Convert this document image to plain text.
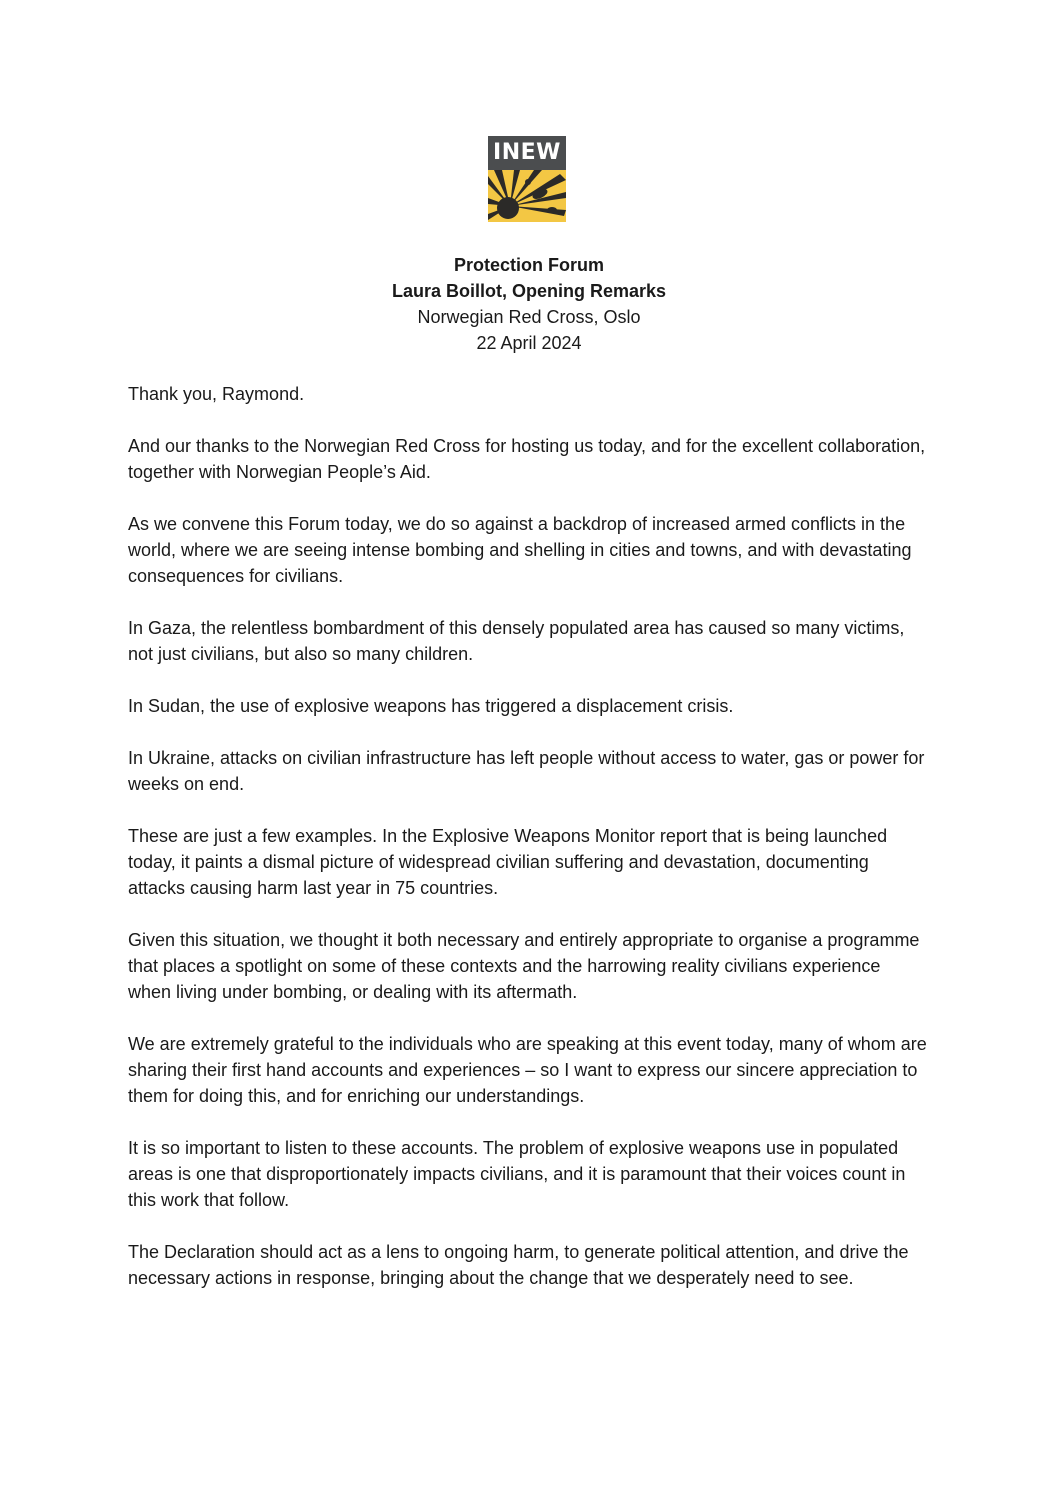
INEW
Protection Forum
Laura Boillot, Opening Remarks
Norwegian Red Cross, Oslo
22 April 2024

Thank you, Raymond.

And our thanks to the Norwegian Red Cross for hosting us today, and for the excellent collaboration, together with Norwegian People’s Aid.

As we convene this Forum today, we do so against a backdrop of increased armed conflicts in the world, where we are seeing intense bombing and shelling in cities and towns, and with devastating consequences for civilians.

In Gaza, the relentless bombardment of this densely populated area has caused so many victims, not just civilians, but also so many children.

In Sudan, the use of explosive weapons has triggered a displacement crisis.

In Ukraine, attacks on civilian infrastructure has left people without access to water, gas or power for weeks on end.

These are just a few examples. In the Explosive Weapons Monitor report that is being launched today, it paints a dismal picture of widespread civilian suffering and devastation, documenting attacks causing harm last year in 75 countries.

Given this situation, we thought it both necessary and entirely appropriate to organise a programme that places a spotlight on some of these contexts and the harrowing reality civilians experience when living under bombing, or dealing with its aftermath.

We are extremely grateful to the individuals who are speaking at this event today, many of whom are sharing their first hand accounts and experiences – so I want to express our sincere appreciation to them for doing this, and for enriching our understandings.

It is so important to listen to these accounts. The problem of explosive weapons use in populated areas is one that disproportionately impacts civilians, and it is paramount that their voices count in this work that follow.

The Declaration should act as a lens to ongoing harm, to generate political attention, and drive the necessary actions in response, bringing about the change that we desperately need to see.
